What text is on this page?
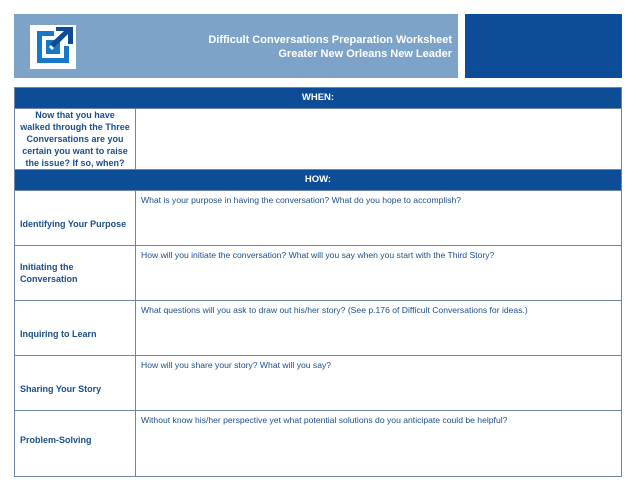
Difficult Conversations Preparation Worksheet
Greater New Orleans New Leader
WHEN:
Now that you have walked through the Three Conversations are you certain you want to raise the issue? If so, when?
HOW:
Identifying Your Purpose
What is your purpose in having the conversation? What do you hope to accomplish?
Initiating the Conversation
How will you initiate the conversation? What will you say when you start with the Third Story?
Inquiring to Learn
What questions will you ask to draw out his/her story? (See p.176 of Difficult Conversations for ideas.)
Sharing Your Story
How will you share your story? What will you say?
Problem-Solving
Without know his/her perspective yet what potential solutions do you anticipate could be helpful?
